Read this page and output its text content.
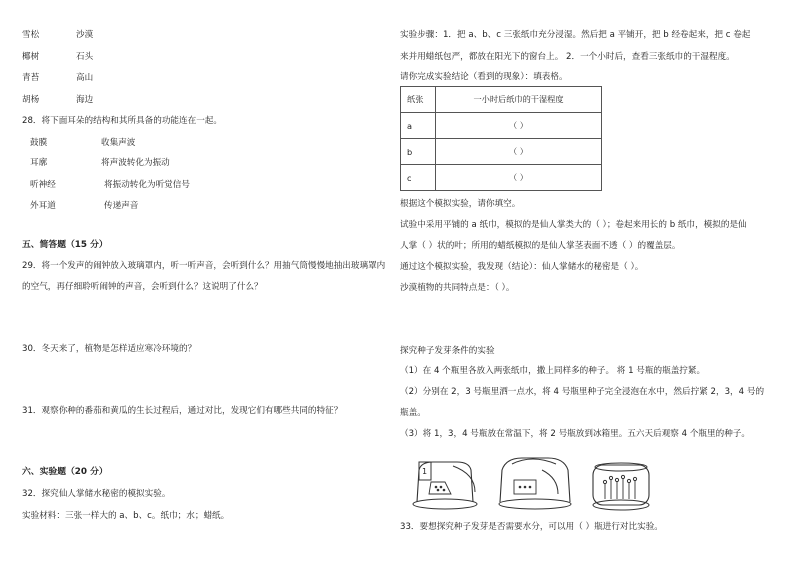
雪松	沙漠
椰树	石头
青苔	高山
胡杨	海边
28．将下面耳朵的结构和其所具备的功能连在一起。
鼓膜	收集声波
耳廓	将声波转化为振动
听神经	将振动转化为听觉信号
外耳道	传递声音
五、简答题（15 分）
29．将一个发声的闹钟放入玻璃罩内，听一听声音，会听到什么？用抽气筒慢慢地抽出玻璃罩内
的空气，再仔细聆听闹钟的声音，会听到什么？这说明了什么？
30．冬天来了，植物是怎样适应寒冷环境的？
31．观察你种的番茄和黄瓜的生长过程后，通过对比，发现它们有哪些共同的特征？
六、实验题（20 分）
32．探究仙人掌储水秘密的模拟实验。
实验材料：三张一样大的 a、b、c。纸巾；水；蜡纸。
实验步骤：1．把 a、b、c 三张纸巾充分浸湿。然后把 a 平铺开，把 b 经卷起来，把 c 卷起
来并用蜡纸包严，都放在阳光下的窗台上。 2．一个小时后，查看三张纸巾的干湿程度。
请你完成实验结论（看到的现象）：填表格。
纸张	一小时后纸巾的干湿程度
a	（ ）
b	（ ）
c	（ ）
根据这个模拟实验，请你填空。
试验中采用平铺的 a 纸巾，模拟的是仙人掌类大的（ ）；卷起来用长的 b 纸巾，模拟的是仙
人掌（ ）状的叶；所用的蜡纸模拟的是仙人掌茎表面不透（ ）的覆盖层。
通过这个模拟实验，我发现（结论）：仙人掌储水的秘密是（ ）。
沙漠植物的共同特点是：（ ）。
探究种子发芽条件的实验
（1）在 4 个瓶里各放入两张纸巾，撒上同样多的种子。 将 1 号瓶的瓶盖拧紧。
（2）分别在 2，3 号瓶里洒一点水，将 4 号瓶里种子完全浸泡在水中，然后拧紧 2，3，4 号的
瓶盖。
（3）将 1，3，4 号瓶放在常温下，将 2 号瓶放到冰箱里。五六天后观察 4 个瓶里的种子。
1
33．要想探究种子发芽是否需要水分，可以用（ ）瓶进行对比实验。
